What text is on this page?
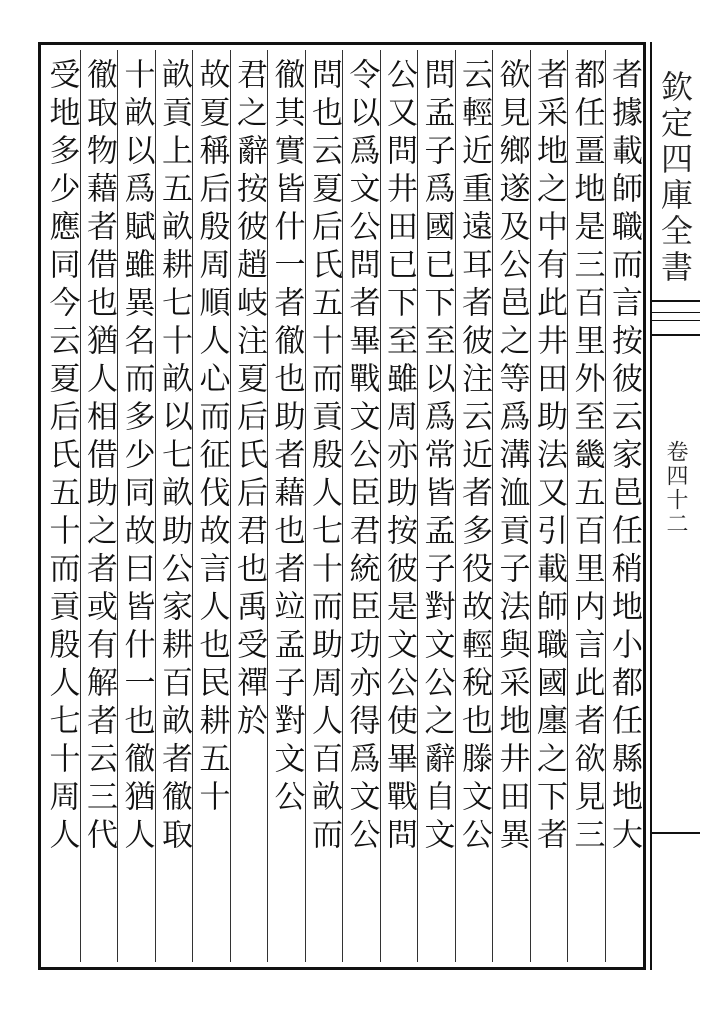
欽定四庫全書
卷四十二
者據載師職而言按彼云家邑任稍地小都任縣地大
都任畺地是三百里外至畿五百里内言此者欲見三
者采地之中有此井田助法又引載師職國廛之下者
欲見鄉遂及公邑之等爲溝洫貢子法與采地井田異
云輕近重遠耳者彼注云近者多役故輕稅也滕文公
問孟子爲國已下至以爲常皆孟子對文公之辭自文
公又問井田已下至雖周亦助按彼是文公使畢戰問
令以爲文公問者畢戰文公臣君統臣功亦得爲文公
問也云夏后氏五十而貢殷人七十而助周人百畝而
徹其實皆什一者徹也助者藉也者竝孟子對文公
君之辭按彼趙岐注夏后氏后君也禹受禪於
故夏稱后殷周順人心而征伐故言人也民耕五十
畝貢上五畝耕七十畝以七畝助公家耕百畝者徹取
十畝以爲賦雖異名而多少同故曰皆什一也徹猶人
徹取物藉者借也猶人相借助之者或有解者云三代
受地多少應同今云夏后氏五十而貢殷人七十周人
